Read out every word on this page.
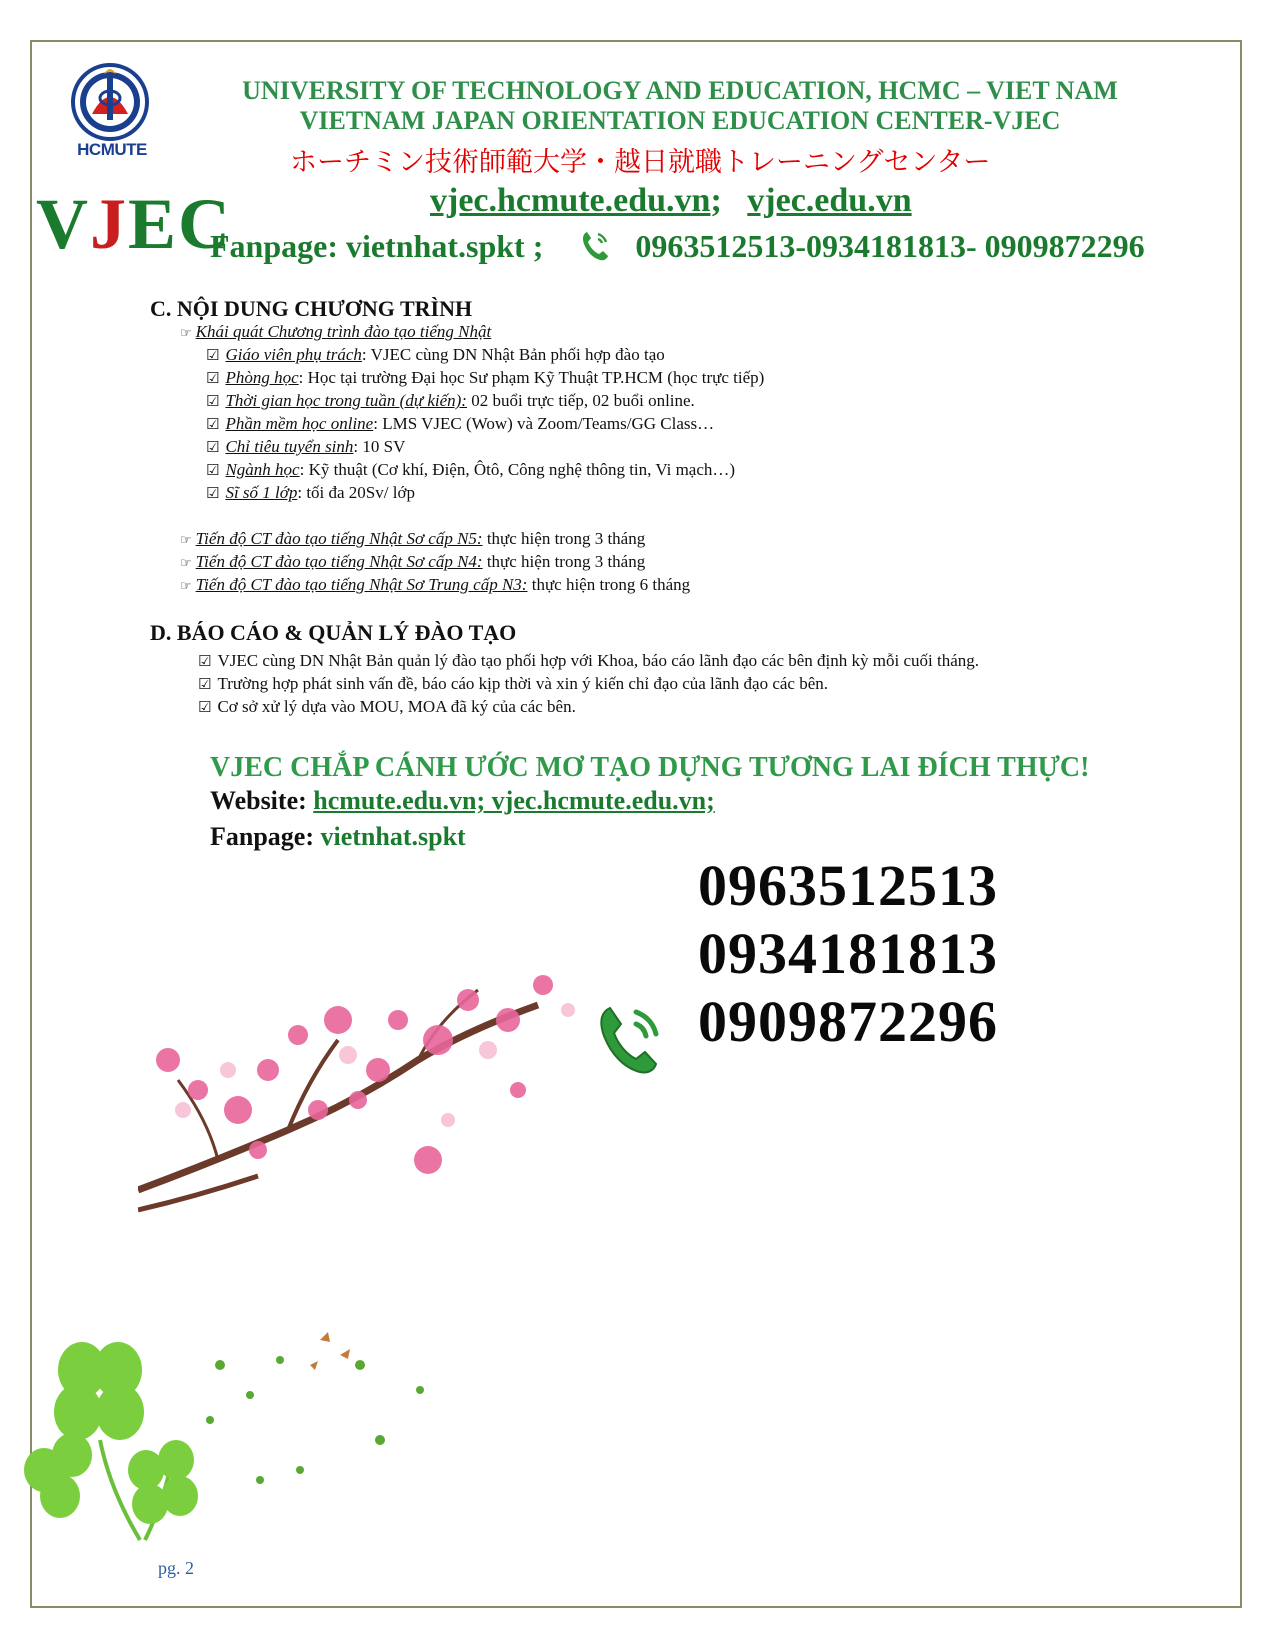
HCMUTE
VJEC
UNIVERSITY OF TECHNOLOGY AND EDUCATION, HCMC – VIET NAM
VIETNAM JAPAN ORIENTATION EDUCATION CENTER-VJEC
ホーチミン技術師範大学・越日就職トレーニングセンター
vjec.hcmute.edu.vn; vjec.edu.vn
Fanpage: vietnhat.spkt ;	0963512513-0934181813- 0909872296
C. NỘI DUNG CHƯƠNG TRÌNH
☞ Khái quát Chương trình đào tạo tiếng Nhật
☑ Giáo viên phụ trách: VJEC cùng DN Nhật Bản phối hợp đào tạo
☑ Phòng học: Học tại trường Đại học Sư phạm Kỹ Thuật TP.HCM (học trực tiếp)
☑ Thời gian học trong tuần (dự kiến): 02 buổi trực tiếp, 02 buổi online.
☑ Phần mềm học online: LMS VJEC (Wow) và Zoom/Teams/GG Class…
☑ Chỉ tiêu tuyển sinh: 10 SV
☑ Ngành học: Kỹ thuật (Cơ khí, Điện, Ôtô, Công nghệ thông tin, Vi mạch…)
☑ Sĩ số 1 lớp: tối đa 20Sv/ lớp
☞ Tiến độ CT đào tạo tiếng Nhật Sơ cấp N5: thực hiện trong 3 tháng
☞ Tiến độ CT đào tạo tiếng Nhật Sơ cấp N4: thực hiện trong 3 tháng
☞ Tiến độ CT đào tạo tiếng Nhật Sơ Trung cấp N3: thực hiện trong 6 tháng
D. BÁO CÁO & QUẢN LÝ ĐÀO TẠO
☑ VJEC cùng DN Nhật Bản quản lý đào tạo phối hợp với Khoa, báo cáo lãnh đạo các bên định kỳ mỗi cuối tháng.
☑ Trường hợp phát sinh vấn đề, báo cáo kịp thời và xin ý kiến chỉ đạo của lãnh đạo các bên.
☑ Cơ sở xử lý dựa vào MOU, MOA đã ký của các bên.
VJEC CHẮP CÁNH ƯỚC MƠ TẠO DỰNG TƯƠNG LAI ĐÍCH THỰC!
Website: hcmute.edu.vn; vjec.hcmute.edu.vn;
Fanpage: vietnhat.spkt
0963512513
0934181813
0909872296
pg. 2
